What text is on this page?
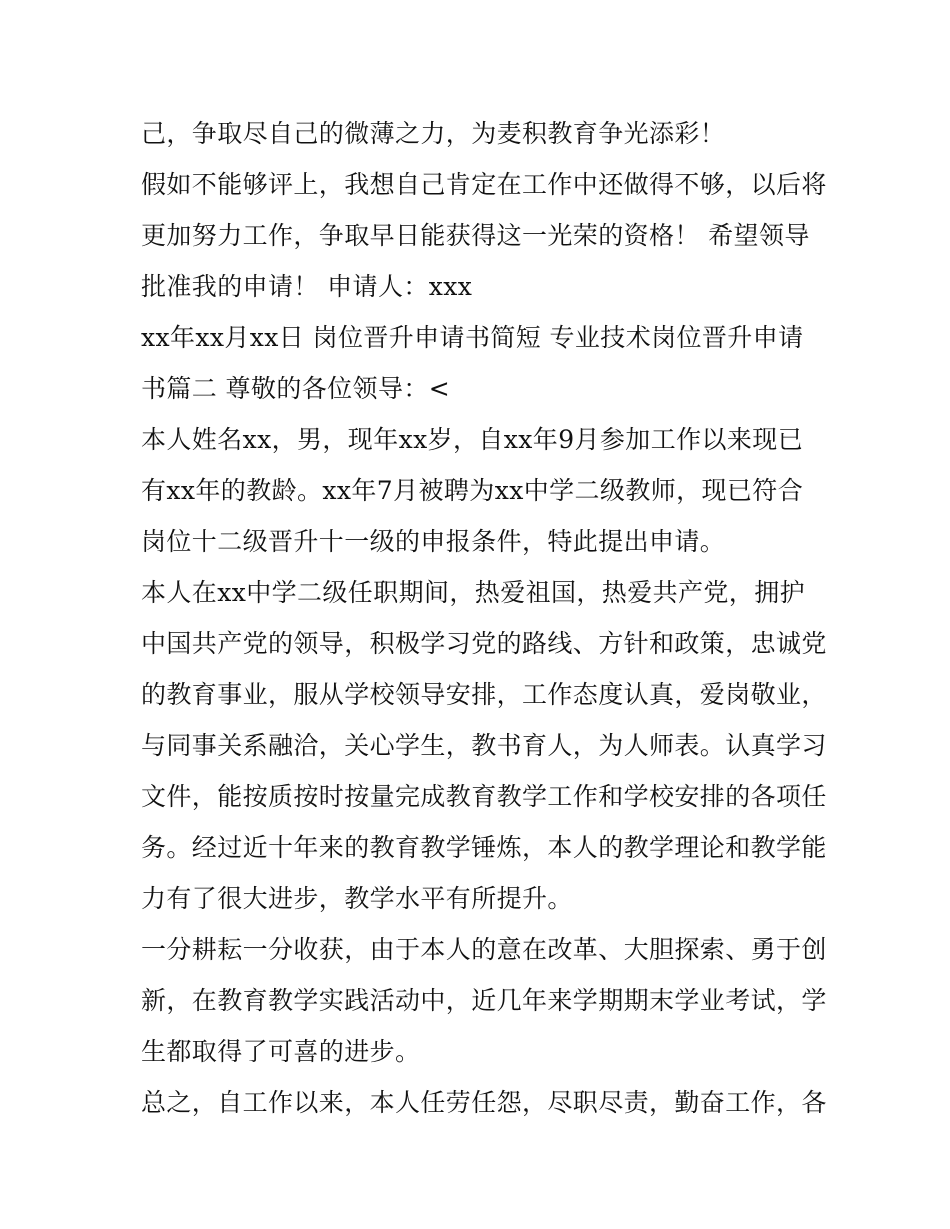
己，争取尽自己的微薄之力，为麦积教育争光添彩！
假如不能够评上，我想自己肯定在工作中还做得不够，以后将
更加努力工作，争取早日能获得这一光荣的资格！ 希望领导
批准我的申请！ 申请人：xxx
xx年xx月xx日 岗位晋升申请书简短 专业技术岗位晋升申请
书篇二 尊敬的各位领导：<
本人姓名xx，男，现年xx岁，自xx年9月参加工作以来现已
有xx年的教龄。xx年7月被聘为xx中学二级教师，现已符合
岗位十二级晋升十一级的申报条件，特此提出申请。
本人在xx中学二级任职期间，热爱祖国，热爱共产党，拥护
中国共产党的领导，积极学习党的路线、方针和政策，忠诚党
的教育事业，服从学校领导安排，工作态度认真，爱岗敬业，
与同事关系融洽，关心学生，教书育人，为人师表。认真学习
文件，能按质按时按量完成教育教学工作和学校安排的各项任
务。经过近十年来的教育教学锤炼，本人的教学理论和教学能
力有了很大进步，教学水平有所提升。
一分耕耘一分收获，由于本人的意在改革、大胆探索、勇于创
新，在教育教学实践活动中，近几年来学期期末学业考试，学
生都取得了可喜的进步。
总之，自工作以来，本人任劳任怨，尽职尽责，勤奋工作，各
